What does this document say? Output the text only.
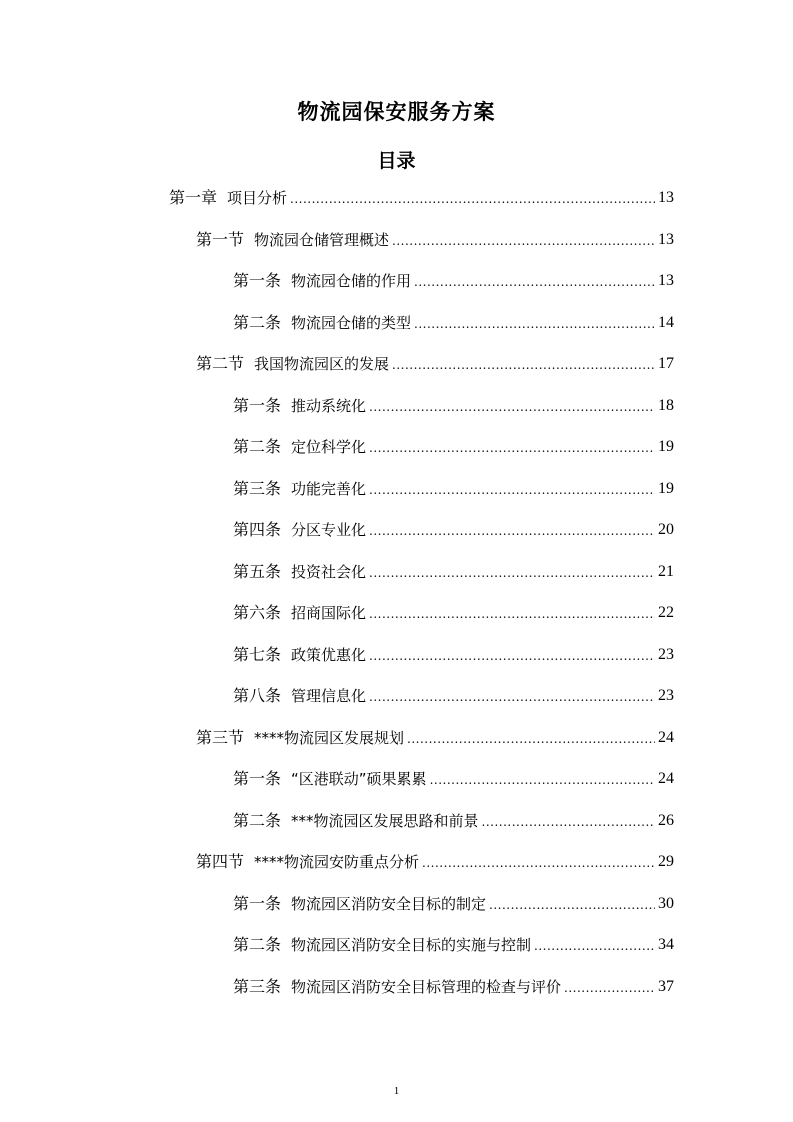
物流园保安服务方案
目录
第一章 项目分析 .....	13
第一节 物流园仓储管理概述 .....	13
第一条 物流园仓储的作用 .....	13
第二条 物流园仓储的类型 .....	14
第二节 我国物流园区的发展 .....	17
第一条 推动系统化 .....	18
第二条 定位科学化 .....	19
第三条 功能完善化 .....	19
第四条 分区专业化 .....	20
第五条 投资社会化 .....	21
第六条 招商国际化 .....	22
第七条 政策优惠化 .....	23
第八条 管理信息化 .....	23
第三节 ****物流园区发展规划 .....	24
第一条 “区港联动”硕果累累 .....	24
第二条 ***物流园区发展思路和前景 .....	26
第四节 ****物流园安防重点分析 .....	29
第一条 物流园区消防安全目标的制定 .....	30
第二条 物流园区消防安全目标的实施与控制 .....	34
第三条 物流园区消防安全目标管理的检查与评价 .....	37
1
